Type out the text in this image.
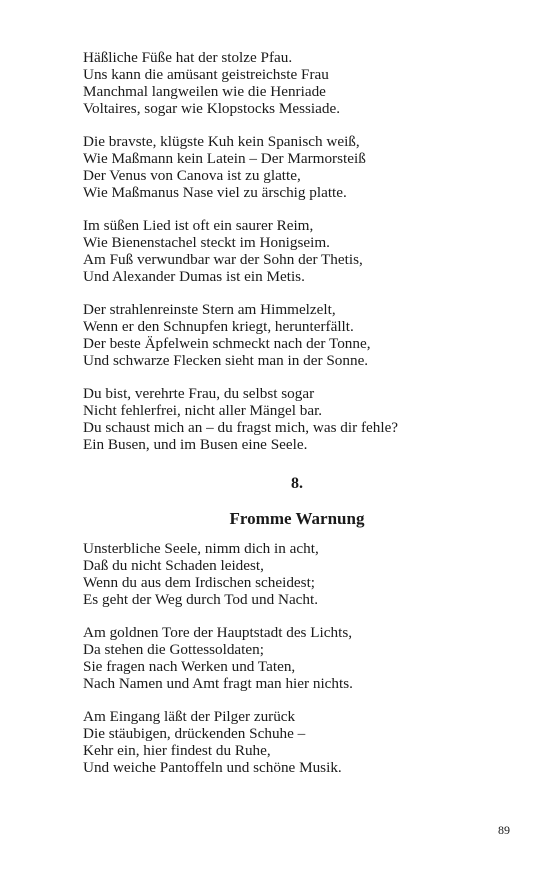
Häßliche Füße hat der stolze Pfau.
Uns kann die amüsant geistreichste Frau
Manchmal langweilen wie die Henriade
Voltaires, sogar wie Klopstocks Messiade.
Die bravste, klügste Kuh kein Spanisch weiß,
Wie Maßmann kein Latein – Der Marmorsteiß
Der Venus von Canova ist zu glatte,
Wie Maßmanus Nase viel zu ärschig platte.
Im süßen Lied ist oft ein saurer Reim,
Wie Bienenstachel steckt im Honigseim.
Am Fuß verwundbar war der Sohn der Thetis,
Und Alexander Dumas ist ein Metis.
Der strahlenreinste Stern am Himmelzelt,
Wenn er den Schnupfen kriegt, herunterfällt.
Der beste Äpfelwein schmeckt nach der Tonne,
Und schwarze Flecken sieht man in der Sonne.
Du bist, verehrte Frau, du selbst sogar
Nicht fehlerfrei, nicht aller Mängel bar.
Du schaust mich an – du fragst mich, was dir fehle?
Ein Busen, und im Busen eine Seele.
8.
Fromme Warnung
Unsterbliche Seele, nimm dich in acht,
Daß du nicht Schaden leidest,
Wenn du aus dem Irdischen scheidest;
Es geht der Weg durch Tod und Nacht.
Am goldnen Tore der Hauptstadt des Lichts,
Da stehen die Gottessoldaten;
Sie fragen nach Werken und Taten,
Nach Namen und Amt fragt man hier nichts.
Am Eingang läßt der Pilger zurück
Die stäubigen, drückenden Schuhe –
Kehr ein, hier findest du Ruhe,
Und weiche Pantoffeln und schöne Musik.
89
